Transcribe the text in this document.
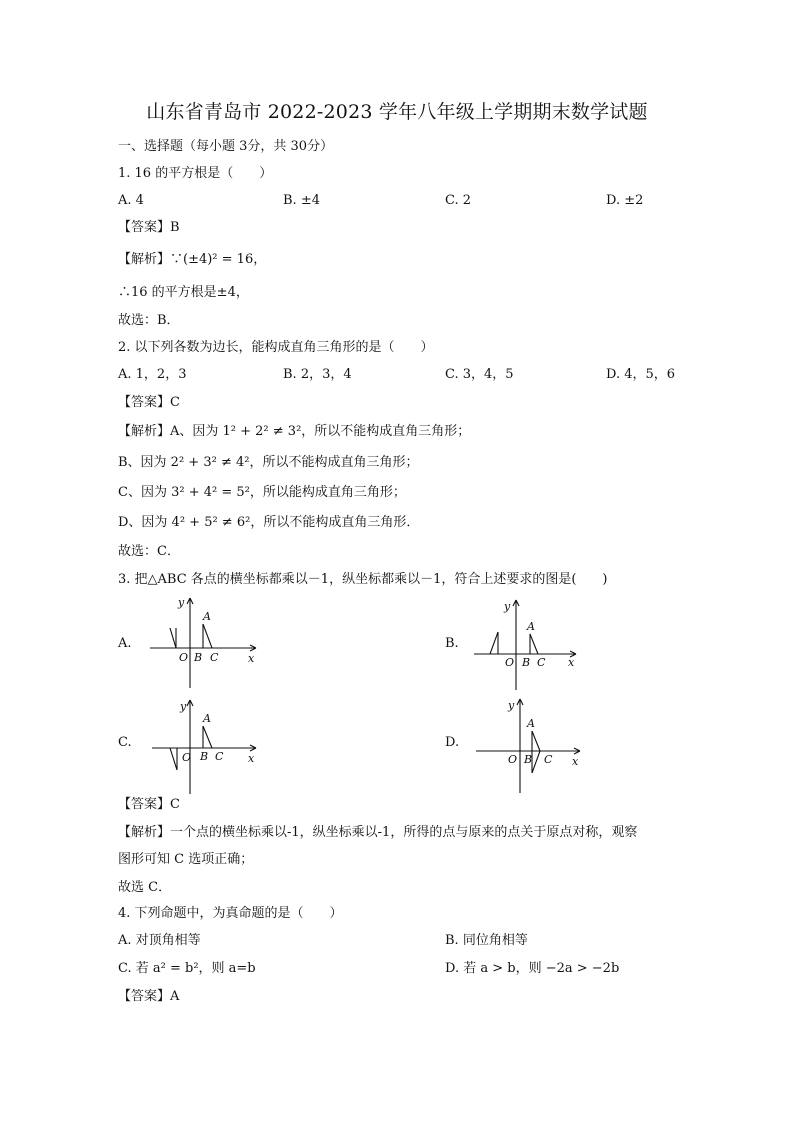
山东省青岛市 2022-2023 学年八年级上学期期末数学试题
一、选择题（每小题 3分，共 30分）
1. 16 的平方根是（　　）
A. 4	B. ±4	C. 2	D. ±2
【答案】B
【解析】∵(±4)² = 16，
∴16 的平方根是±4，
故选：B．
2. 以下列各数为边长，能构成直角三角形的是（　　）
A. 1，2，3	B. 2，3，4	C. 3，4，5	D. 4，5，6
【答案】C
【解析】A、因为 1² + 2² ≠ 3²，所以不能构成直角三角形；
B、因为 2² + 3² ≠ 4²，所以不能构成直角三角形；
C、因为 3² + 4² = 5²，所以能构成直角三角形；
D、因为 4² + 5² ≠ 6²，所以不能构成直角三角形．
故选：C．
3. 把△ABC 各点的横坐标都乘以－1，纵坐标都乘以－1，符合上述要求的图是(　　)
A.
x
y
O
A
B C
B.
x
y
O
A
B C
C.
x
y
O
A
B C
D.
x
y
O
A
B C
【答案】C
【解析】一个点的横坐标乘以-1，纵坐标乘以-1，所得的点与原来的点关于原点对称，观察
图形可知 C 选项正确；
故选 C．
4. 下列命题中，为真命题的是（　　）
A. 对顶角相等	B. 同位角相等
C. 若 a² = b²，则 a=b	D. 若 a > b，则 −2a > −2b
【答案】A
